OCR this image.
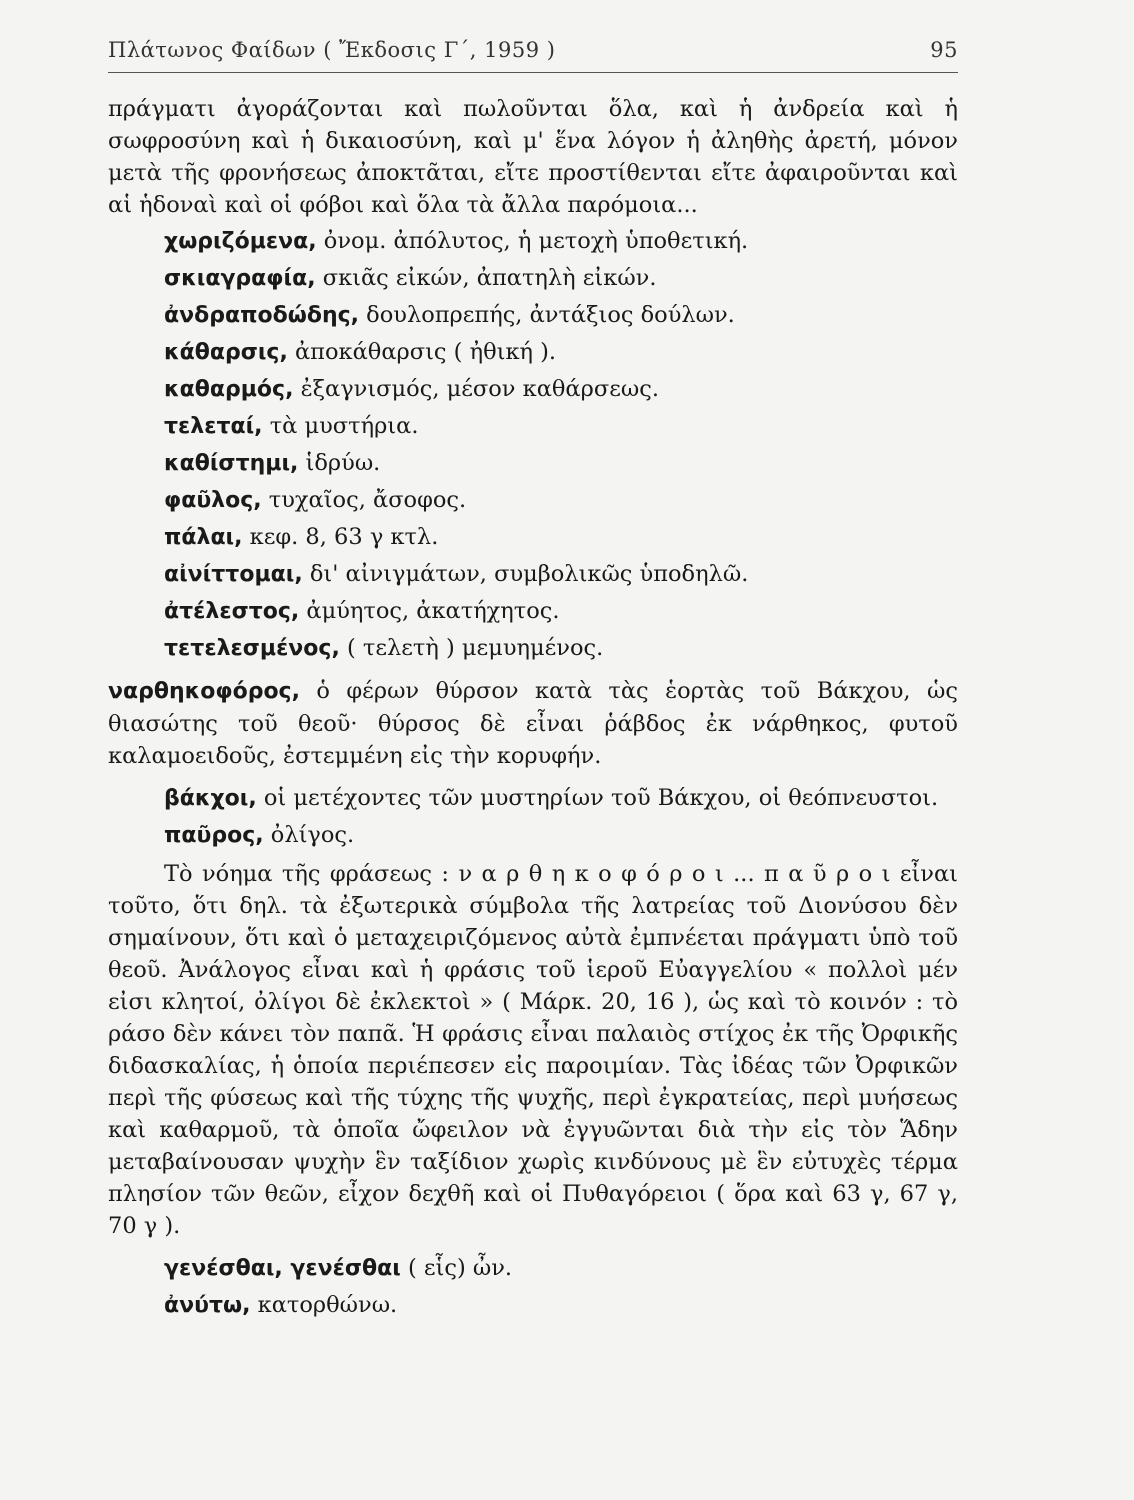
Πλάτωνος Φαίδων ( Ἔκδοσις Γ΄, 1959 )	95
πράγματι ἀγοράζονται καὶ πωλοῦνται ὅλα, καὶ ἡ ἀνδρεία καὶ ἡ σωφροσύνη καὶ ἡ δικαιοσύνη, καὶ μ' ἕνα λόγον ἡ ἀληθὴς ἀρετή, μόνον μετὰ τῆς φρονήσεως ἀποκτᾶται, εἴτε προστίθενται εἴτε ἀφαιροῦνται καὶ αἱ ἡδοναὶ καὶ οἱ φόβοι καὶ ὅλα τὰ ἄλλα παρόμοια...
χωριζόμενα, ὀνομ. ἀπόλυτος, ἡ μετοχὴ ὑποθετική.
σκιαγραφία, σκιᾶς εἰκών, ἀπατηλὴ εἰκών.
ἀνδραποδώδης, δουλοπρεπής, ἀντάξιος δούλων.
κάθαρσις, ἀποκάθαρσις ( ἠθική ).
καθαρμός, ἐξαγνισμός, μέσον καθάρσεως.
τελεταί, τὰ μυστήρια.
καθίστημι, ἱδρύω.
φαῦλος, τυχαῖος, ἄσοφος.
πάλαι, κεφ. 8, 63 γ κτλ.
αἰνίττομαι, δι' αἰνιγμάτων, συμβολικῶς ὑποδηλῶ.
ἀτέλεστος, ἀμύητος, ἀκατήχητος.
τετελεσμένος, ( τελετὴ ) μεμυημένος.
ναρθηκοφόρος, ὁ φέρων θύρσον κατὰ τὰς ἑορτὰς τοῦ Βάκχου, ὡς θιασώτης τοῦ θεοῦ· θύρσος δὲ εἶναι ῥάβδος ἐκ νάρθηκος, φυτοῦ καλαμοειδοῦς, ἐστεμμένη εἰς τὴν κορυφήν.
βάκχοι, οἱ μετέχοντες τῶν μυστηρίων τοῦ Βάκχου, οἱ θεόπνευστοι.
παῦρος, ὀλίγος.
Τὸ νόημα τῆς φράσεως : ν α ρ θ η κ ο φ ό ρ ο ι ... π α ῦ ρ ο ι εἶναι τοῦτο, ὅτι δηλ. τὰ ἐξωτερικὰ σύμβολα τῆς λατρείας τοῦ Διονύσου δὲν σημαίνουν, ὅτι καὶ ὁ μεταχειριζόμενος αὐτὰ ἐμπνέεται πράγματι ὑπὸ τοῦ θεοῦ. Ἀνάλογος εἶναι καὶ ἡ φράσις τοῦ ἱεροῦ Εὐαγγελίου « πολλοὶ μέν εἰσι κλητοί, ὀλίγοι δὲ ἐκλεκτοὶ » ( Μάρκ. 20, 16 ), ὡς καὶ τὸ κοινόν : τὸ ράσο δὲν κάνει τὸν παπᾶ. Ἡ φράσις εἶναι παλαιὸς στίχος ἐκ τῆς Ὀρφικῆς διδασκαλίας, ἡ ὁποία περιέπεσεν εἰς παροιμίαν. Τὰς ἰδέας τῶν Ὀρφικῶν περὶ τῆς φύσεως καὶ τῆς τύχης τῆς ψυχῆς, περὶ ἐγκρατείας, περὶ μυήσεως καὶ καθαρμοῦ, τὰ ὁποῖα ὤφειλον νὰ ἐγγυῶνται διὰ τὴν εἰς τὸν Ἅδην μεταβαίνουσαν ψυχὴν ἓν ταξίδιον χωρὶς κινδύνους μὲ ἓν εὐτυχὲς τέρμα πλησίον τῶν θεῶν, εἶχον δεχθῆ καὶ οἱ Πυθαγόρειοι ( ὅρα καὶ 63 γ, 67 γ, 70 γ ).
γενέσθαι, γενέσθαι ( εἷς) ὦν.
ἀνύτω, κατορθώνω.
